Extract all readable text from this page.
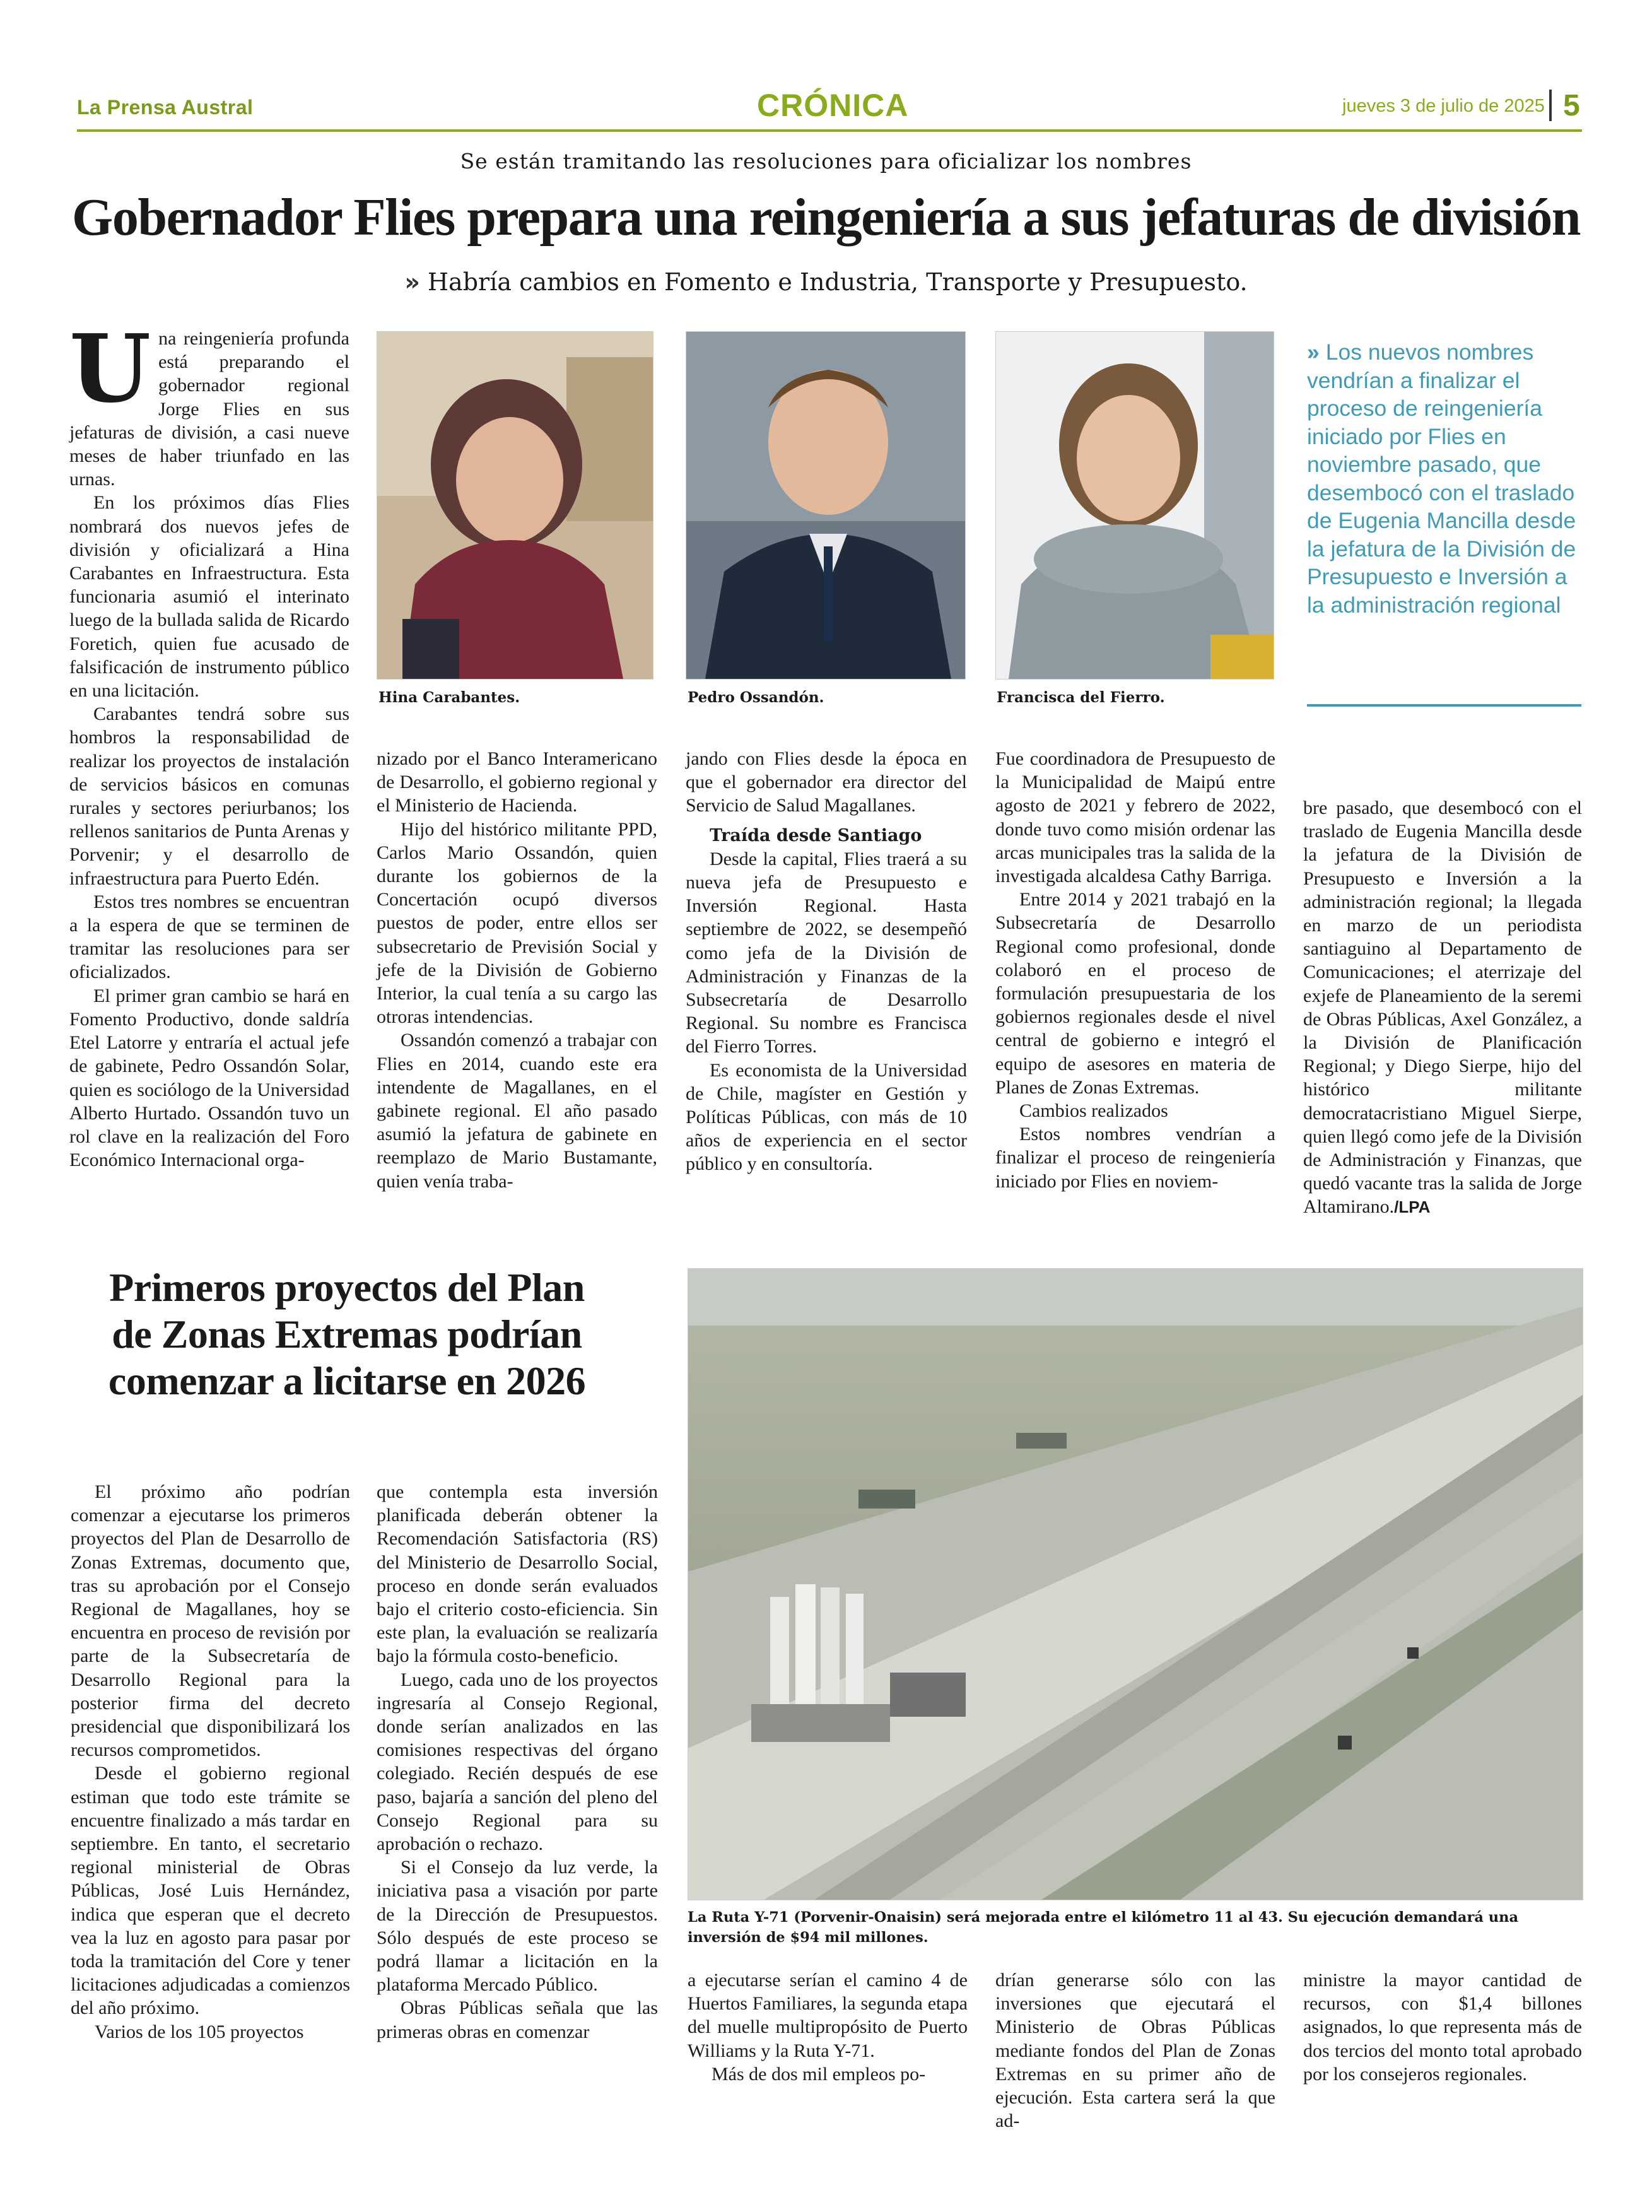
La Prensa Austral	CRÓNICA	jueves 3 de julio de 2025 5
Se están tramitando las resoluciones para oficializar los nombres
Gobernador Flies prepara una reingeniería a sus jefaturas de división
» Habría cambios en Fomento e Industria, Transporte y Presupuesto.
U na reingeniería profunda está preparando el gobernador regional Jorge Flies en sus jefaturas de división, a casi nueve meses de haber triunfado en las urnas.

En los próximos días Flies nombrará dos nuevos jefes de división y oficializará a Hina Carabantes en Infraestructura. Esta funcionaria asumió el interinato luego de la bullada salida de Ricardo Foretich, quien fue acusado de falsificación de instrumento público en una licitación.

Carabantes tendrá sobre sus hombros la responsabilidad de realizar los proyectos de instalación de servicios básicos en comunas rurales y sectores periurbanos; los rellenos sanitarios de Punta Arenas y Porvenir; y el desarrollo de infraestructura para Puerto Edén.

Estos tres nombres se encuentran a la espera de que se terminen de tramitar las resoluciones para ser oficializados.

El primer gran cambio se hará en Fomento Productivo, donde saldría Etel Latorre y entraría el actual jefe de gabinete, Pedro Ossandón Solar, quien es sociólogo de la Universidad Alberto Hurtado. Ossandón tuvo un rol clave en la realización del Foro Económico Internacional orga-

Hina Carabantes.	Pedro Ossandón.	Francisca del Fierro.
» Los nuevos nombres vendrían a finalizar el proceso de reingeniería iniciado por Flies en noviembre pasado, que desembocó con el traslado de Eugenia Mancilla desde la jefatura de la División de Presupuesto e Inversión a la administración regional

nizado por el Banco Interamericano de Desarrollo, el gobierno regional y el Ministerio de Hacienda.

Hijo del histórico militante PPD, Carlos Mario Ossandón, quien durante los gobiernos de la Concertación ocupó diversos puestos de poder, entre ellos ser subsecretario de Previsión Social y jefe de la División de Gobierno Interior, la cual tenía a su cargo las otroras intendencias.

Ossandón comenzó a trabajar con Flies en 2014, cuando este era intendente de Magallanes, en el gabinete regional. El año pasado asumió la jefatura de gabinete en reemplazo de Mario Bustamante, quien venía traba-

jando con Flies desde la época en que el gobernador era director del Servicio de Salud Magallanes.

Traída desde Santiago

Desde la capital, Flies traerá a su nueva jefa de Presupuesto e Inversión Regional. Hasta septiembre de 2022, se desempeñó como jefa de la División de Administración y Finanzas de la Subsecretaría de Desarrollo Regional. Su nombre es Francisca del Fierro Torres.

Es economista de la Universidad de Chile, magíster en Gestión y Políticas Públicas, con más de 10 años de experiencia en el sector público y en consultoría.

Fue coordinadora de Presupuesto de la Municipalidad de Maipú entre agosto de 2021 y febrero de 2022, donde tuvo como misión ordenar las arcas municipales tras la salida de la investigada alcaldesa Cathy Barriga.

Entre 2014 y 2021 trabajó en la Subsecretaría de Desarrollo Regional como profesional, donde colaboró en el proceso de formulación presupuestaria de los gobiernos regionales desde el nivel central de gobierno e integró el equipo de asesores en materia de Planes de Zonas Extremas.

Cambios realizados

Estos nombres vendrían a finalizar el proceso de reingeniería iniciado por Flies en noviem-

bre pasado, que desembocó con el traslado de Eugenia Mancilla desde la jefatura de la División de Presupuesto e Inversión a la administración regional; la llegada en marzo de un periodista santiaguino al Departamento de Comunicaciones; el aterrizaje del exjefe de Planeamiento de la seremi de Obras Públicas, Axel González, a la División de Planificación Regional; y Diego Sierpe, hijo del histórico militante democratacristiano Miguel Sierpe, quien llegó como jefe de la División de Administración y Finanzas, que quedó vacante tras la salida de Jorge Altamirano./LPA

Primeros proyectos del Plan de Zonas Extremas podrían comenzar a licitarse en 2026

El próximo año podrían comenzar a ejecutarse los primeros proyectos del Plan de Desarrollo de Zonas Extremas, documento que, tras su aprobación por el Consejo Regional de Magallanes, hoy se encuentra en proceso de revisión por parte de la Subsecretaría de Desarrollo Regional para la posterior firma del decreto presidencial que disponibilizará los recursos comprometidos.

Desde el gobierno regional estiman que todo este trámite se encuentre finalizado a más tardar en septiembre. En tanto, el secretario regional ministerial de Obras Públicas, José Luis Hernández, indica que esperan que el decreto vea la luz en agosto para pasar por toda la tramitación del Core y tener licitaciones adjudicadas a comienzos del año próximo.

Varios de los 105 proyectos

que contempla esta inversión planificada deberán obtener la Recomendación Satisfactoria (RS) del Ministerio de Desarrollo Social, proceso en donde serán evaluados bajo el criterio costo-eficiencia. Sin este plan, la evaluación se realizaría bajo la fórmula costo-beneficio.

Luego, cada uno de los proyectos ingresaría al Consejo Regional, donde serían analizados en las comisiones respectivas del órgano colegiado. Recién después de ese paso, bajaría a sanción del pleno del Consejo Regional para su aprobación o rechazo.

Si el Consejo da luz verde, la iniciativa pasa a visación por parte de la Dirección de Presupuestos. Sólo después de este proceso se podrá llamar a licitación en la plataforma Mercado Público.

Obras Públicas señala que las primeras obras en comenzar

La Ruta Y-71 (Porvenir-Onaisin) será mejorada entre el kilómetro 11 al 43. Su ejecución demandará una inversión de $94 mil millones.

a ejecutarse serían el camino 4 de Huertos Familiares, la segunda etapa del muelle multipropósito de Puerto Williams y la Ruta Y-71.

Más de dos mil empleos po-

drían generarse sólo con las inversiones que ejecutará el Ministerio de Obras Públicas mediante fondos del Plan de Zonas Extremas en su primer año de ejecución. Esta cartera será la que ad-

ministre la mayor cantidad de recursos, con $1,4 billones asignados, lo que representa más de dos tercios del monto total aprobado por los consejeros regionales.
